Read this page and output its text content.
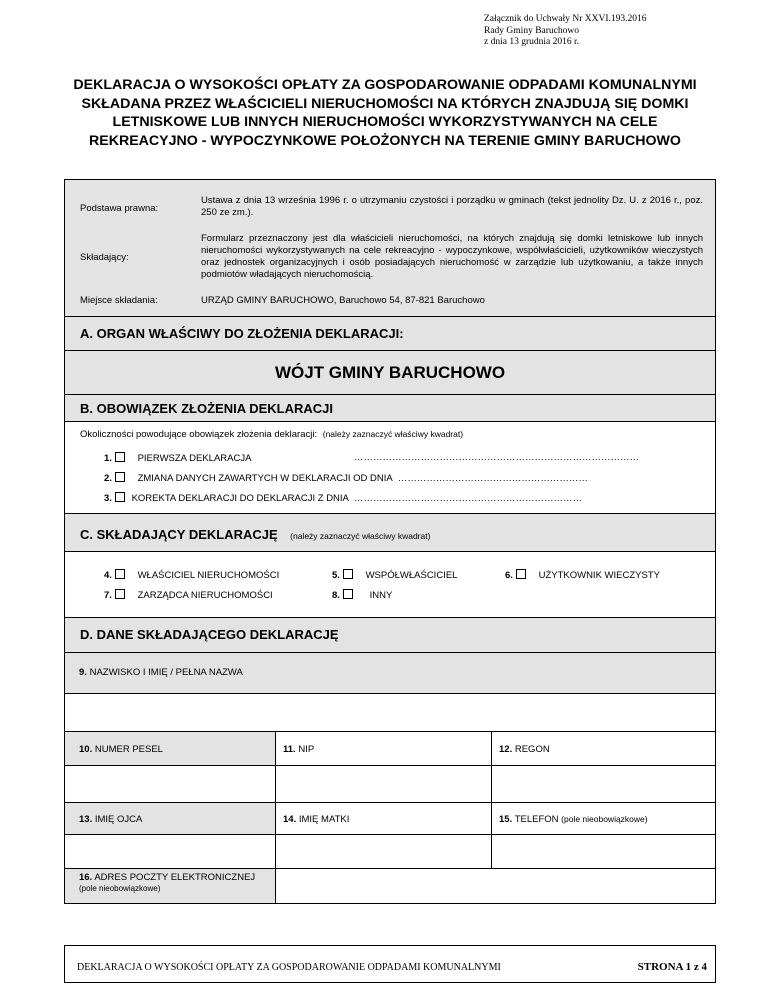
Załącznik do Uchwały Nr XXVI.193.2016
Rady Gminy Baruchowo
z dnia 13 grudnia 2016 r.
DEKLARACJA O WYSOKOŚCI OPŁATY ZA GOSPODAROWANIE ODPADAMI KOMUNALNYMI SKŁADANA PRZEZ WŁAŚCICIELI NIERUCHOMOŚCI NA KTÓRYCH ZNAJDUJĄ SIĘ DOMKI LETNISKOWE LUB INNYCH NIERUCHOMOŚCI WYKORZYSTYWANYCH NA CELE REKREACYJNO - WYPOCZYNKOWE POŁOŻONYCH NA TERENIE GMINY BARUCHOWO
Podstawa prawna:
Ustawa z dnia 13 września 1996 r. o utrzymaniu czystości i porządku w gminach (tekst jednolity Dz. U. z 2016 r., poz. 250 ze zm.).
Składający:
Formularz przeznaczony jest dla właścicieli nieruchomości, na których znajdują się domki letniskowe lub innych nieruchomości wykorzystywanych na cele rekreacyjno - wypoczynkowe, współwłaścicieli, użytkowników wieczystych oraz jednostek organizacyjnych i osób posiadających nieruchomość w zarządzie lub użytkowaniu, a także innych podmiotów władających nieruchomością.
Miejsce składania:	URZĄD GMINY BARUCHOWO, Baruchowo 54, 87-821 Baruchowo
A. ORGAN WŁAŚCIWY DO ZŁOŻENIA DEKLARACJI:
WÓJT GMINY BARUCHOWO
B. OBOWIĄZEK ZŁOŻENIA DEKLARACJI
Okoliczności powodujące obowiązek złożenia deklaracji: (należy zaznaczyć właściwy kwadrat)
1.	PIERWSZA DEKLARACJA	………………………………………………………………………………
2.	ZMIANA DANYCH ZAWARTYCH W DEKLARACJI OD DNIA ……………………………………………………
3. KOREKTA DEKLARACJI DO DEKLARACJI Z DNIA ………………………………………………………………
C. SKŁADAJĄCY DEKLARACJĘ (należy zaznaczyć właściwy kwadrat)
4.	WŁAŚCICIEL NIERUCHOMOŚCI	5.	WSPÓŁWŁAŚCICIEL	6.	UŻYTKOWNIK WIECZYSTY
7.	ZARZĄDCA NIERUCHOMOŚCI	8.	INNY
D. DANE SKŁADAJĄCEGO DEKLARACJĘ
9. NAZWISKO I IMIĘ / PEŁNA NAZWA
10. NUMER PESEL	11. NIP	12. REGON
13. IMIĘ OJCA	14. IMIĘ MATKI	15. TELEFON (pole nieobowiązkowe)
16. ADRES POCZTY ELEKTRONICZNEJ
(pole nieobowiązkowe)
DEKLARACJA O WYSOKOŚCI OPŁATY ZA GOSPODAROWANIE ODPADAMI KOMUNALNYMI	STRONA 1 z 4
